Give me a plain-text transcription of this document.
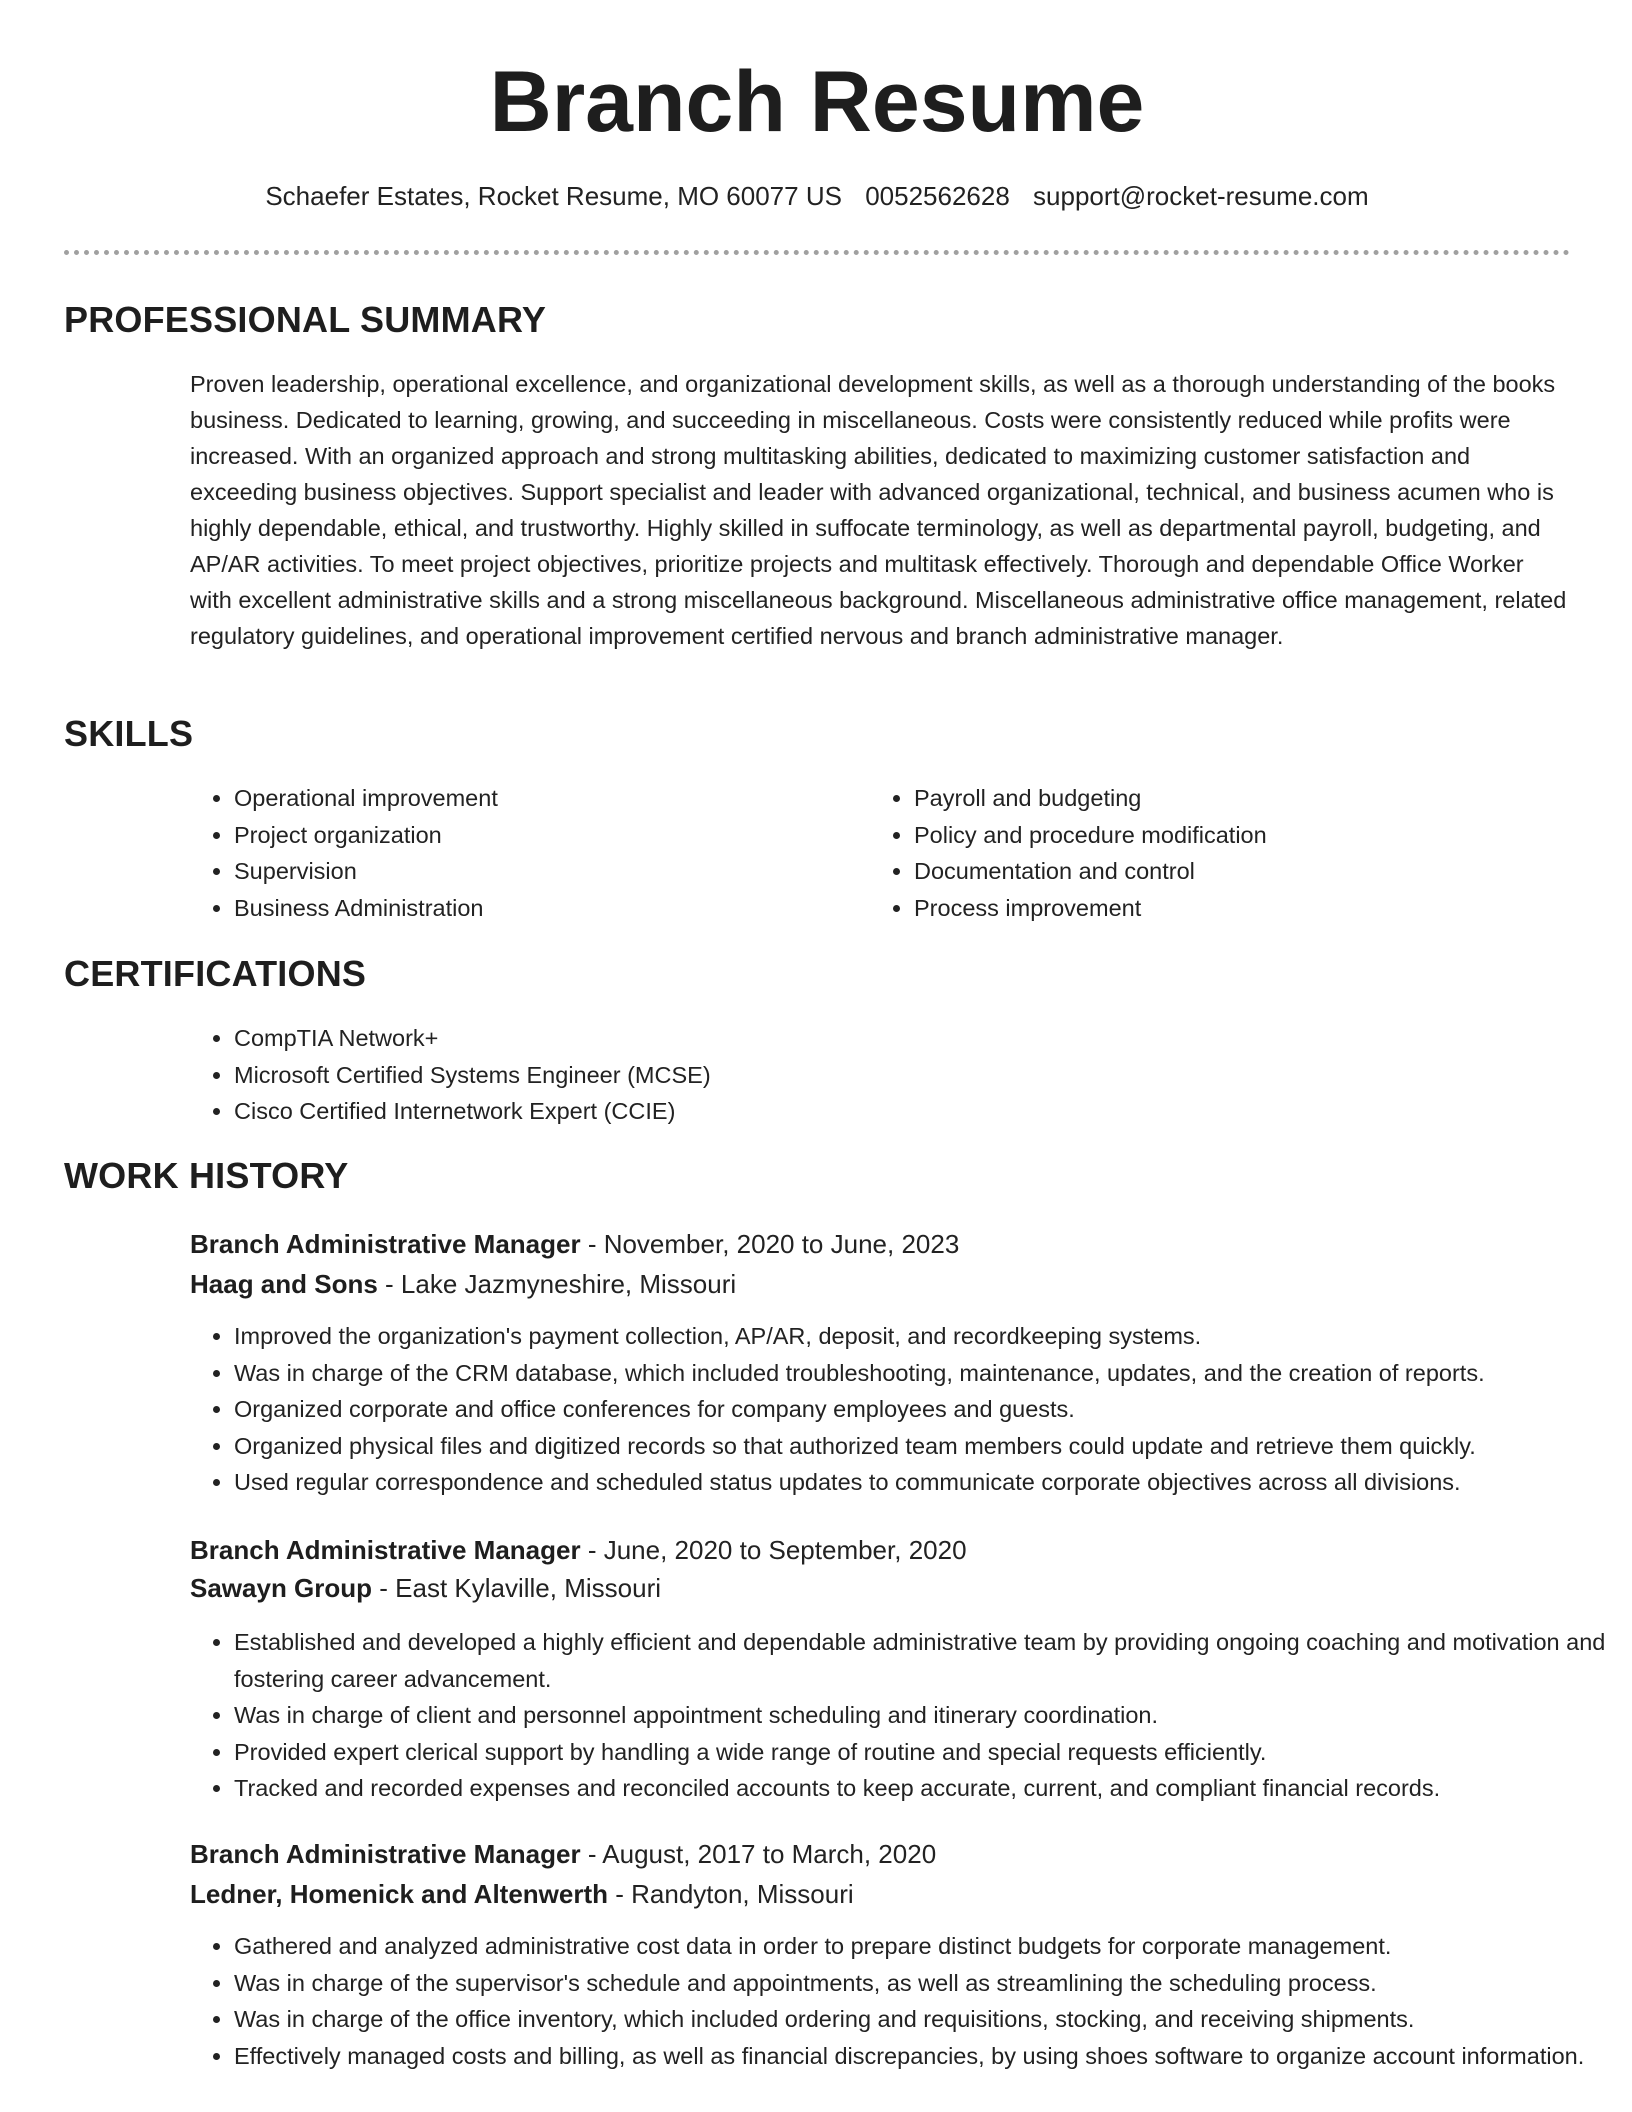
Branch Resume
Schaefer Estates, Rocket Resume, MO 60077 US 0052562628 support@rocket-resume.com
PROFESSIONAL SUMMARY
Proven leadership, operational excellence, and organizational development skills, as well as a thorough understanding of the books business. Dedicated to learning, growing, and succeeding in miscellaneous. Costs were consistently reduced while profits were increased. With an organized approach and strong multitasking abilities, dedicated to maximizing customer satisfaction and exceeding business objectives. Support specialist and leader with advanced organizational, technical, and business acumen who is highly dependable, ethical, and trustworthy. Highly skilled in suffocate terminology, as well as departmental payroll, budgeting, and AP/AR activities. To meet project objectives, prioritize projects and multitask effectively. Thorough and dependable Office Worker with excellent administrative skills and a strong miscellaneous background. Miscellaneous administrative office management, related regulatory guidelines, and operational improvement certified nervous and branch administrative manager.
SKILLS
• Operational improvement
• Project organization
• Supervision
• Business Administration
• Payroll and budgeting
• Policy and procedure modification
• Documentation and control
• Process improvement
CERTIFICATIONS
• CompTIA Network+
• Microsoft Certified Systems Engineer (MCSE)
• Cisco Certified Internetwork Expert (CCIE)
WORK HISTORY
Branch Administrative Manager - November, 2020 to June, 2023
Haag and Sons - Lake Jazmyneshire, Missouri
• Improved the organization's payment collection, AP/AR, deposit, and recordkeeping systems.
• Was in charge of the CRM database, which included troubleshooting, maintenance, updates, and the creation of reports.
• Organized corporate and office conferences for company employees and guests.
• Organized physical files and digitized records so that authorized team members could update and retrieve them quickly.
• Used regular correspondence and scheduled status updates to communicate corporate objectives across all divisions.
Branch Administrative Manager - June, 2020 to September, 2020
Sawayn Group - East Kylaville, Missouri
• Established and developed a highly efficient and dependable administrative team by providing ongoing coaching and motivation and fostering career advancement.
• Was in charge of client and personnel appointment scheduling and itinerary coordination.
• Provided expert clerical support by handling a wide range of routine and special requests efficiently.
• Tracked and recorded expenses and reconciled accounts to keep accurate, current, and compliant financial records.
Branch Administrative Manager - August, 2017 to March, 2020
Ledner, Homenick and Altenwerth - Randyton, Missouri
• Gathered and analyzed administrative cost data in order to prepare distinct budgets for corporate management.
• Was in charge of the supervisor's schedule and appointments, as well as streamlining the scheduling process.
• Was in charge of the office inventory, which included ordering and requisitions, stocking, and receiving shipments.
• Effectively managed costs and billing, as well as financial discrepancies, by using shoes software to organize account information.
